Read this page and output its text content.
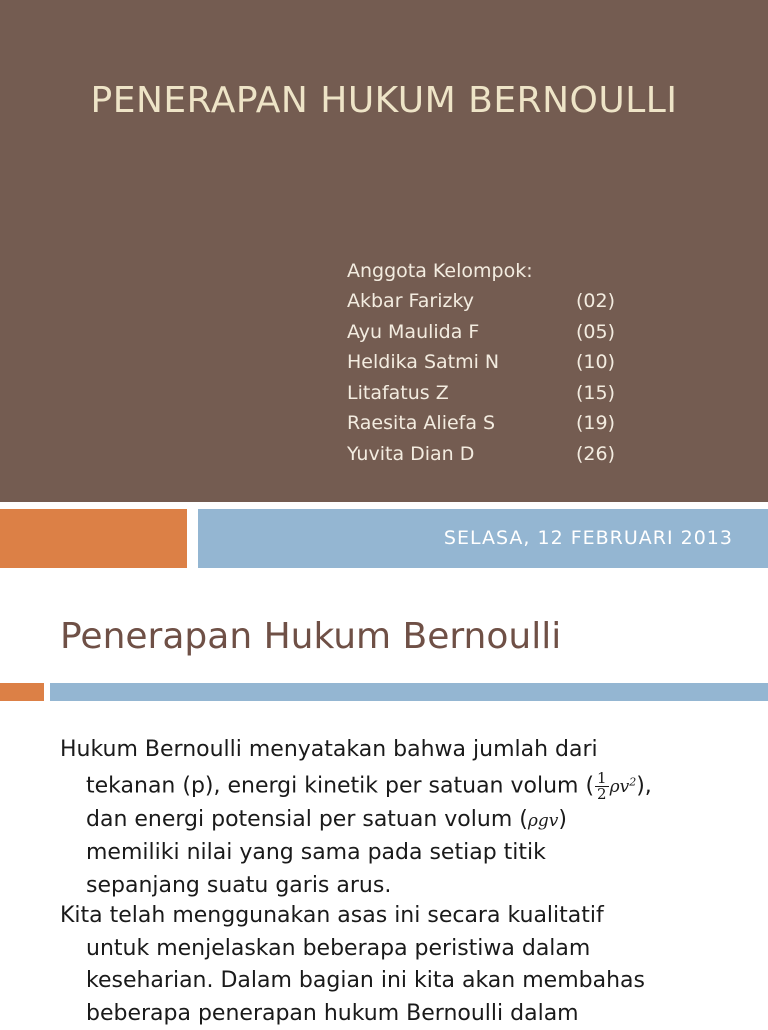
PENERAPAN HUKUM BERNOULLI
Anggota Kelompok:
Akbar Farizky	(02)
Ayu Maulida F	(05)
Heldika Satmi N	(10)
Litafatus Z	(15)
Raesita Aliefa S	(19)
Yuvita Dian D	(26)
SELASA, 12 FEBRUARI 2013
Penerapan Hukum Bernoulli
Hukum Bernoulli menyatakan bahwa jumlah dari
tekanan (p), energi kinetik per satuan volum ( $\frac{1}{2} \rho v^2$),
dan energi potensial per satuan volum (ρgv)
memiliki nilai yang sama pada setiap titik
sepanjang suatu garis arus.
Kita telah menggunakan asas ini secara kualitatif
untuk menjelaskan beberapa peristiwa dalam
keseharian. Dalam bagian ini kita akan membahas
beberapa penerapan hukum Bernoulli dalam
